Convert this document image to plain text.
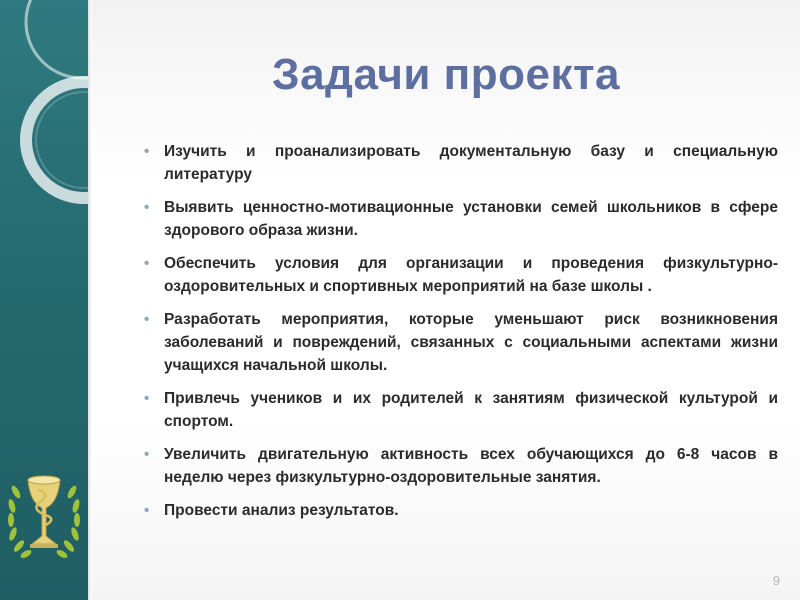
Задачи проекта
• Изучить и проанализировать документальную базу и специальную литературу
• Выявить ценностно-мотивационные установки семей школьников в сфере здорового образа жизни.
• Обеспечить условия для организации и проведения физкультурно-оздоровительных и спортивных мероприятий на базе школы .
• Разработать мероприятия, которые уменьшают риск возникновения заболеваний и повреждений, связанных с социальными аспектами жизни учащихся начальной школы.
• Привлечь учеников и их родителей к занятиям физической культурой и спортом.
• Увеличить двигательную активность всех обучающихся до 6-8 часов в неделю через физкультурно-оздоровительные занятия.
• Провести анализ результатов.
9
